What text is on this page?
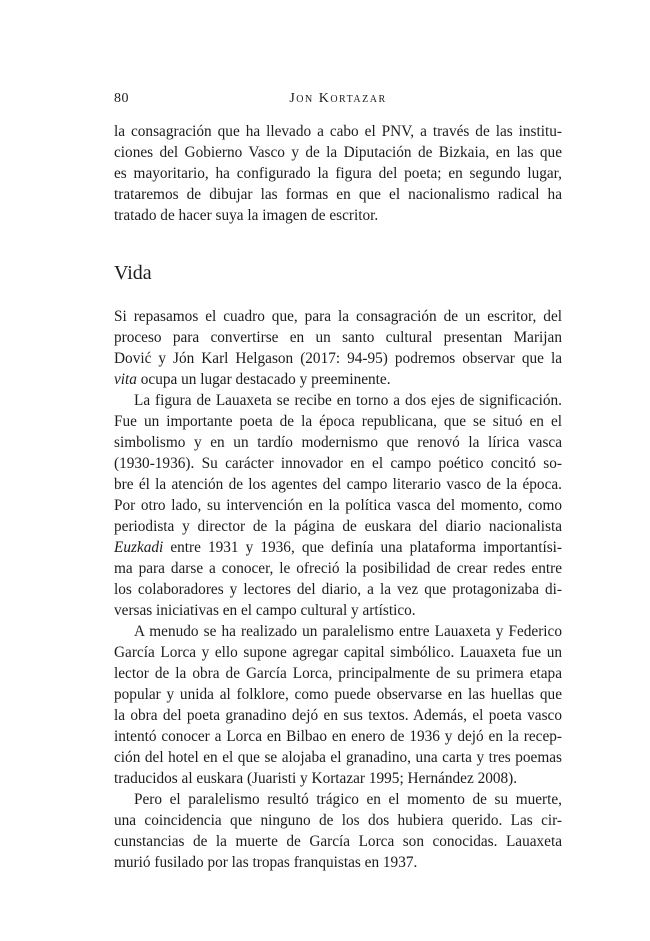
80	Jon Kortazar
la consagración que ha llevado a cabo el PNV, a través de las institu-
ciones del Gobierno Vasco y de la Diputación de Bizkaia, en las que
es mayoritario, ha configurado la figura del poeta; en segundo lugar,
trataremos de dibujar las formas en que el nacionalismo radical ha
tratado de hacer suya la imagen de escritor.
Vida
Si repasamos el cuadro que, para la consagración de un escritor, del
proceso para convertirse en un santo cultural presentan Marijan
Dović y Jón Karl Helgason (2017: 94-95) podremos observar que la
vita ocupa un lugar destacado y preeminente.
La figura de Lauaxeta se recibe en torno a dos ejes de significación.
Fue un importante poeta de la época republicana, que se situó en el
simbolismo y en un tardío modernismo que renovó la lírica vasca
(1930-1936). Su carácter innovador en el campo poético concitó so-
bre él la atención de los agentes del campo literario vasco de la época.
Por otro lado, su intervención en la política vasca del momento, como
periodista y director de la página de euskara del diario nacionalista
Euzkadi entre 1931 y 1936, que definía una plataforma importantísi-
ma para darse a conocer, le ofreció la posibilidad de crear redes entre
los colaboradores y lectores del diario, a la vez que protagonizaba di-
versas iniciativas en el campo cultural y artístico.
A menudo se ha realizado un paralelismo entre Lauaxeta y Federico
García Lorca y ello supone agregar capital simbólico. Lauaxeta fue un
lector de la obra de García Lorca, principalmente de su primera etapa
popular y unida al folklore, como puede observarse en las huellas que
la obra del poeta granadino dejó en sus textos. Además, el poeta vasco
intentó conocer a Lorca en Bilbao en enero de 1936 y dejó en la recep-
ción del hotel en el que se alojaba el granadino, una carta y tres poemas
traducidos al euskara (Juaristi y Kortazar 1995; Hernández 2008).
Pero el paralelismo resultó trágico en el momento de su muerte,
una coincidencia que ninguno de los dos hubiera querido. Las cir-
cunstancias de la muerte de García Lorca son conocidas. Lauaxeta
murió fusilado por las tropas franquistas en 1937.
